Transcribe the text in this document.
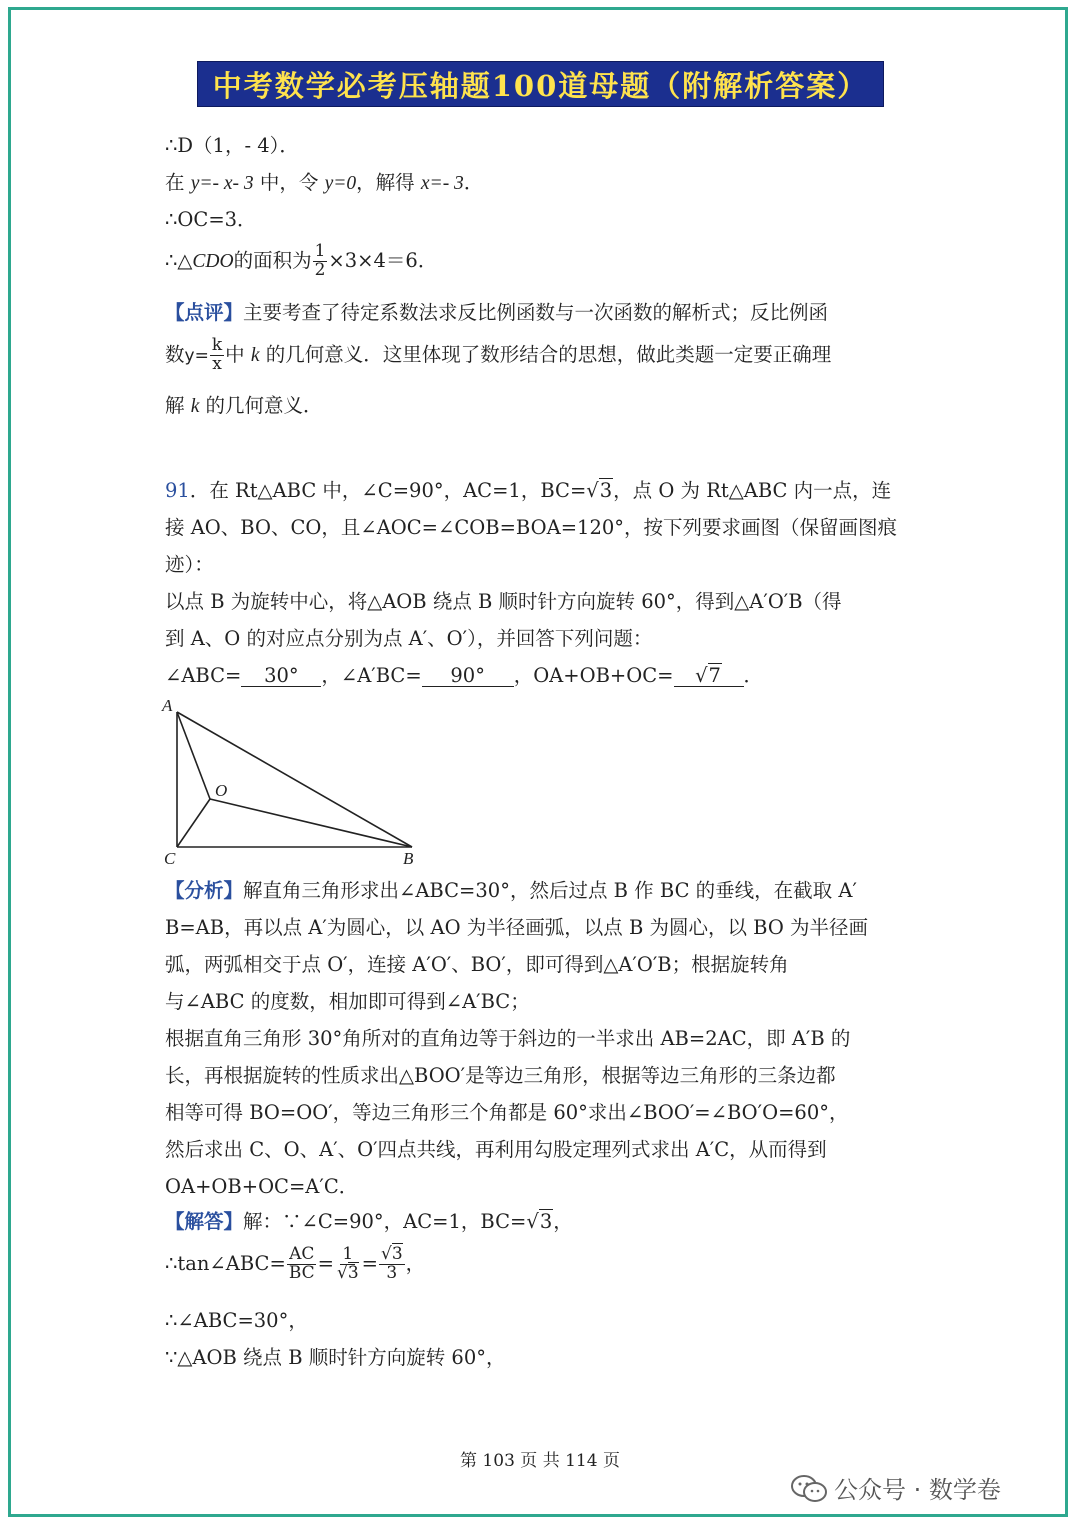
中考数学必考压轴题100道母题（附解析答案）
∴D（1，- 4）．
在 y=- x- 3 中，令 y=0，解得 x=- 3．
∴OC=3．
∴△CDO的面积为 $\frac{1}{2} \times 3\times 4=6$．
【点评】主要考查了待定系数法求反比例函数与一次函数的解析式；反比例函
数$y= \frac{k}{x}$ 中 k 的几何意义．这里体现了数形结合的思想，做此类题一定要正确理
解 k 的几何意义．
91．在 Rt△ABC 中，∠C=90°，AC=1，BC=√3，点 O 为 Rt△ABC 内一点，连
接 AO、BO、CO，且∠AOC=∠COB=BOA=120°，按下列要求画图（保留画图痕
迹）：
以点 B 为旋转中心，将△AOB 绕点 B 顺时针方向旋转 60°，得到△A′O′B（得
到 A、O 的对应点分别为点 A′、O′），并回答下列问题：
∠ABC= 30° ，∠A′BC= 90° ，OA+OB+OC= √7 ．
A
O
C	B
【分析】解直角三角形求出∠ABC=30°，然后过点 B 作 BC 的垂线，在截取 A′
B=AB，再以点 A′为圆心，以 AO 为半径画弧，以点 B 为圆心，以 BO 为半径画
弧，两弧相交于点 O′，连接 A′O′、BO′，即可得到△A′O′B；根据旋转角
与∠ABC 的度数，相加即可得到∠A′BC；
根据直角三角形 30°角所对的直角边等于斜边的一半求出 AB=2AC，即 A′B 的
长，再根据旋转的性质求出△BOO′是等边三角形，根据等边三角形的三条边都
相等可得 BO=OO′，等边三角形三个角都是 60°求出∠BOO′=∠BO′O=60°，
然后求出 C、O、A′、O′四点共线，再利用勾股定理列式求出 A′C，从而得到
OA+OB+OC=A′C．
【解答】解：∵∠C=90°，AC=1，BC=√3，
∴tan∠ABC= $\frac{AC}{BC} = \frac{1}{√3} = \frac{√3}{3}$ ，
∴∠ABC=30°，
∵△AOB 绕点 B 顺时针方向旋转 60°，
第 103 页 共 114 页
公众号 · 数学卷
